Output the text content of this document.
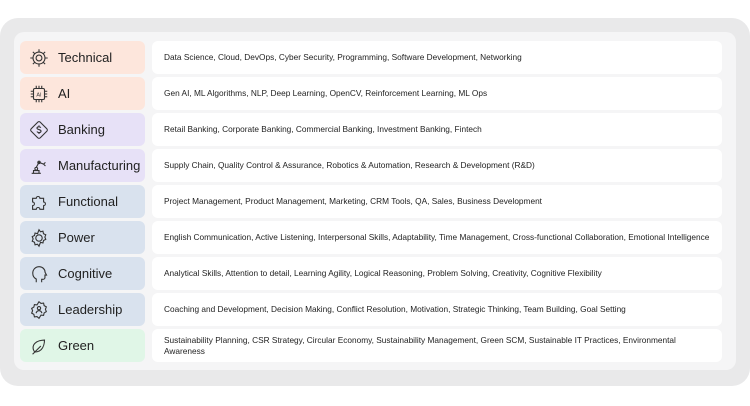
Technical	Data Science, Cloud, DevOps, Cyber Security, Programming, Software Development, Networking
AI AI	Gen AI, ML Algorithms, NLP, Deep Learning, OpenCV, Reinforcement Learning, ML Ops
Banking	Retail Banking, Corporate Banking, Commercial Banking, Investment Banking, Fintech
Manufacturing	Supply Chain, Quality Control & Assurance, Robotics & Automation, Research & Development (R&D)
Functional	Project Management, Product Management, Marketing, CRM Tools, QA, Sales, Business Development
Power	English Communication, Active Listening, Interpersonal Skills, Adaptability, Time Management, Cross-functional Collaboration, Emotional Intelligence
Cognitive	Analytical Skills, Attention to detail, Learning Agility, Logical Reasoning, Problem Solving, Creativity, Cognitive Flexibility
Leadership	Coaching and Development, Decision Making, Conflict Resolution, Motivation, Strategic Thinking, Team Building, Goal Setting
Green	Sustainability Planning, CSR Strategy, Circular Economy, Sustainability Management, Green SCM, Sustainable IT Practices, Environmental Awareness
